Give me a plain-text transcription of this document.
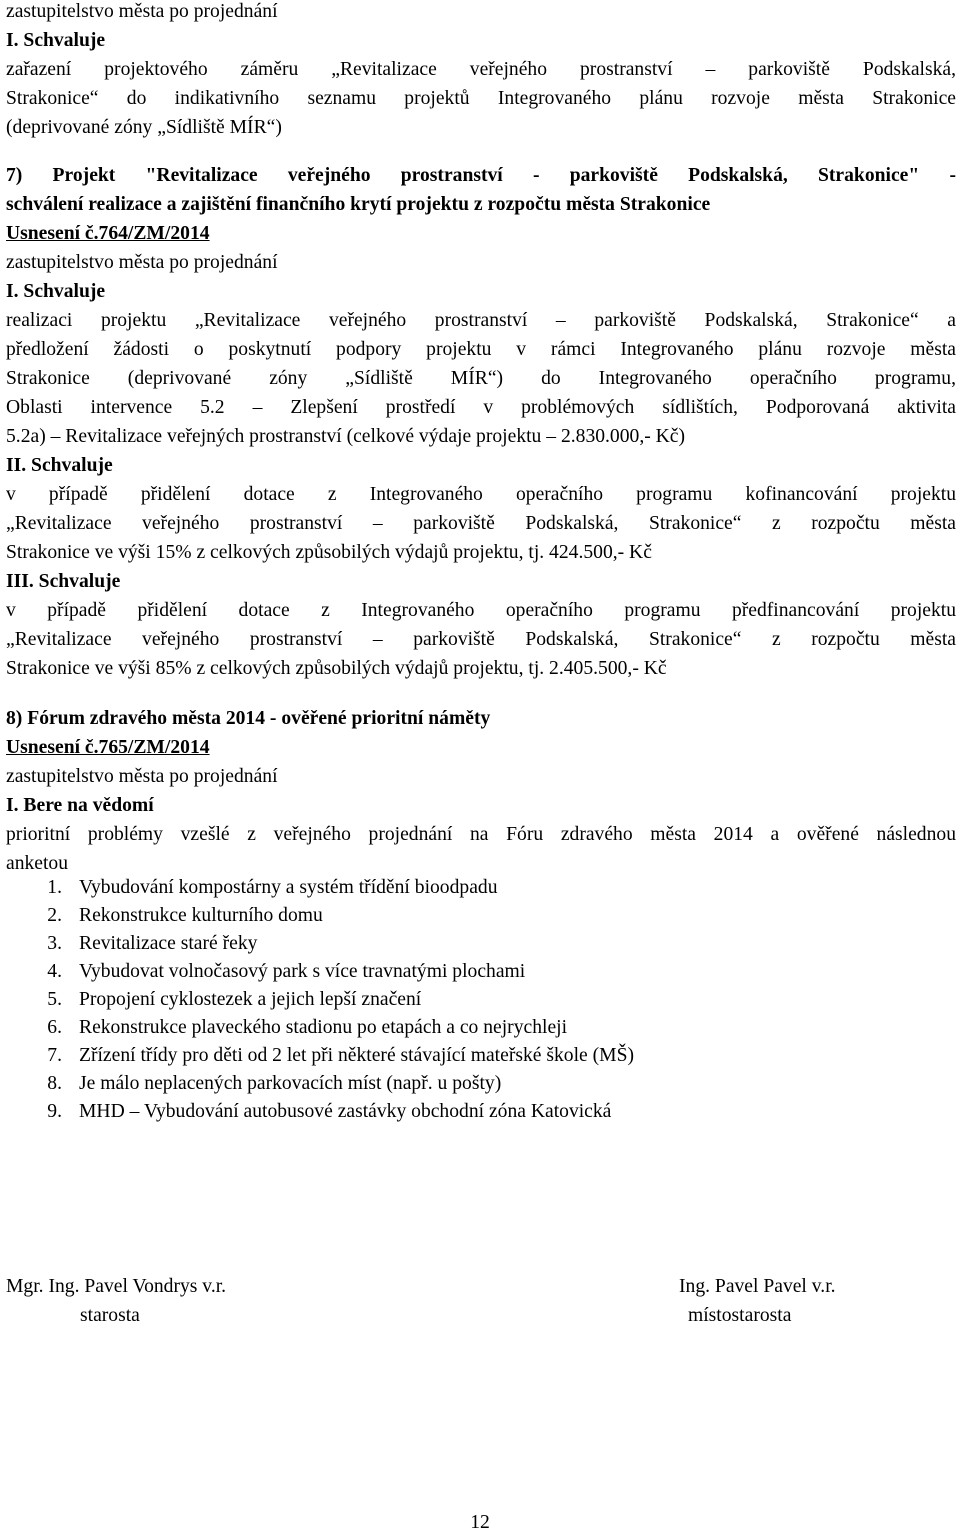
zastupitelstvo města po projednání
I. Schvaluje
zařazení projektového záměru „Revitalizace veřejného prostranství – parkoviště Podskalská,
Strakonice“ do indikativního seznamu projektů Integrovaného plánu rozvoje města Strakonice
(deprivované zóny „Sídliště MÍR“)
7) Projekt "Revitalizace veřejného prostranství - parkoviště Podskalská, Strakonice" -
schválení realizace a zajištění finančního krytí projektu z rozpočtu města Strakonice
Usnesení č.764/ZM/2014
zastupitelstvo města po projednání
I. Schvaluje
realizaci projektu „Revitalizace veřejného prostranství – parkoviště Podskalská, Strakonice“ a
předložení žádosti o poskytnutí podpory projektu v rámci Integrovaného plánu rozvoje města
Strakonice (deprivované zóny „Sídliště MÍR“) do Integrovaného operačního programu,
Oblasti intervence 5.2 – Zlepšení prostředí v problémových sídlištích, Podporovaná aktivita
5.2a) – Revitalizace veřejných prostranství (celkové výdaje projektu – 2.830.000,- Kč)
II. Schvaluje
v případě přidělení dotace z Integrovaného operačního programu kofinancování projektu
„Revitalizace veřejného prostranství – parkoviště Podskalská, Strakonice“ z rozpočtu města
Strakonice ve výši 15% z celkových způsobilých výdajů projektu, tj. 424.500,- Kč
III. Schvaluje
v případě přidělení dotace z Integrovaného operačního programu předfinancování projektu
„Revitalizace veřejného prostranství – parkoviště Podskalská, Strakonice“ z rozpočtu města
Strakonice ve výši 85% z celkových způsobilých výdajů projektu, tj. 2.405.500,- Kč
8) Fórum zdravého města 2014 - ověřené prioritní náměty
Usnesení č.765/ZM/2014
zastupitelstvo města po projednání
I. Bere na vědomí
prioritní problémy vzešlé z veřejného projednání na Fóru zdravého města 2014 a ověřené následnou
anketou
1. Vybudování kompostárny a systém třídění bioodpadu
2. Rekonstrukce kulturního domu
3. Revitalizace staré řeky
4. Vybudovat volnočasový park s více travnatými plochami
5. Propojení cyklostezek a jejich lepší značení
6. Rekonstrukce plaveckého stadionu po etapách a co nejrychleji
7. Zřízení třídy pro děti od 2 let při některé stávající mateřské škole (MŠ)
8. Je málo neplacených parkovacích míst (např. u pošty)
9. MHD – Vybudování autobusové zastávky obchodní zóna Katovická
Mgr. Ing. Pavel Vondrys v.r.
starosta
Ing. Pavel Pavel v.r.
místostarosta
12
